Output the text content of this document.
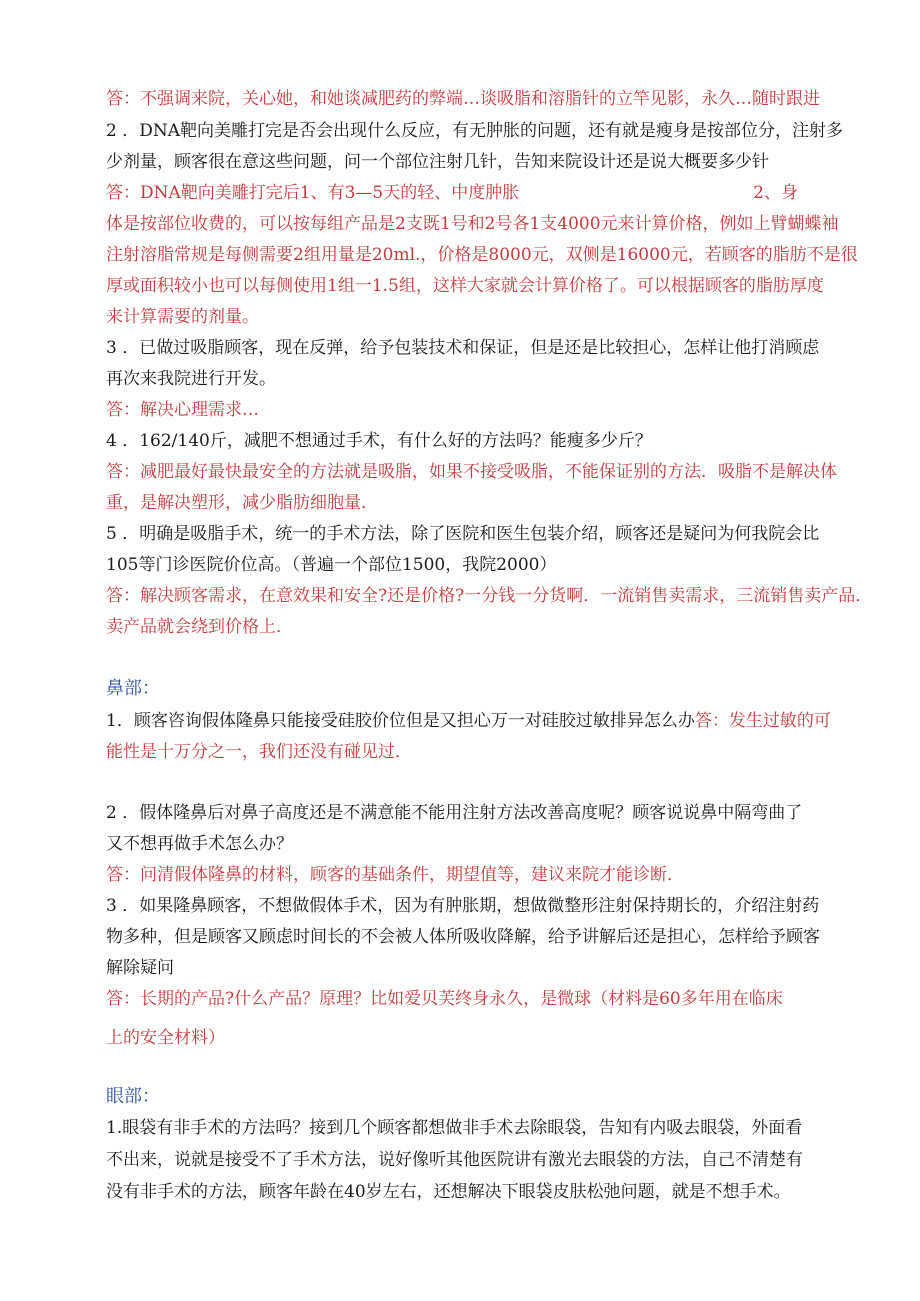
答：不强调来院，关心她，和她谈减肥药的弊端…谈吸脂和溶脂针的立竿见影，永久…随时跟进

2 ．DNA靶向美雕打完是否会出现什么反应，有无肿胀的问题，还有就是瘦身是按部位分，注射多

少剂量，顾客很在意这些问题，问一个部位注射几针，告知来院设计还是说大概要多少针

答：DNA靶向美雕打完后1、有3—5天的轻、中度肿胀	2、身

体是按部位收费的，可以按每组产品是2支既1号和2号各1支4000元来计算价格，例如上臂蝴蝶袖

注射溶脂常规是每侧需要2组用量是20ml.，价格是8000元，双侧是16000元，若顾客的脂肪不是很

厚或面积较小也可以每侧使用1组一1.5组，这样大家就会计算价格了。可以根据顾客的脂肪厚度

来计算需要的剂量。

3 ．已做过吸脂顾客，现在反弹，给予包装技术和保证，但是还是比较担心，怎样让他打消顾虑

再次来我院进行开发。

答：解决心理需求…

4 ．162/140斤，减肥不想通过手术，有什么好的方法吗？能瘦多少斤？

答：减肥最好最快最安全的方法就是吸脂，如果不接受吸脂，不能保证别的方法．吸脂不是解决体

重，是解决塑形，减少脂肪细胞量．

5 ．明确是吸脂手术，统一的手术方法，除了医院和医生包装介绍，顾客还是疑问为何我院会比

105等门诊医院价位高。（普遍一个部位1500，我院2000）

答：解决顾客需求，在意效果和安全?还是价格?一分钱一分货啊．一流销售卖需求，三流销售卖产品．

卖产品就会绕到价格上．

鼻部：

1．顾客咨询假体隆鼻只能接受硅胶价位但是又担心万一对硅胶过敏排异怎么办答：发生过敏的可

能性是十万分之一，我们还没有碰见过．

2 ．假体隆鼻后对鼻子高度还是不满意能不能用注射方法改善高度呢？顾客说说鼻中隔弯曲了

又不想再做手术怎么办？

答：问清假体隆鼻的材料，顾客的基础条件，期望值等，建议来院才能诊断．

3 ．如果隆鼻顾客，不想做假体手术，因为有肿胀期，想做微整形注射保持期长的，介绍注射药

物多种，但是顾客又顾虑时间长的不会被人体所吸收降解，给予讲解后还是担心，怎样给予顾客

解除疑问

答：长期的产品?什么产品？原理？比如爱贝芙终身永久，是微球（材料是60多年用在临床

上的安全材料）

眼部：

1.眼袋有非手术的方法吗？接到几个顾客都想做非手术去除眼袋，告知有内吸去眼袋，外面看

不出来，说就是接受不了手术方法，说好像听其他医院讲有激光去眼袋的方法，自己不清楚有

没有非手术的方法，顾客年龄在40岁左右，还想解决下眼袋皮肤松弛问题，就是不想手术。
